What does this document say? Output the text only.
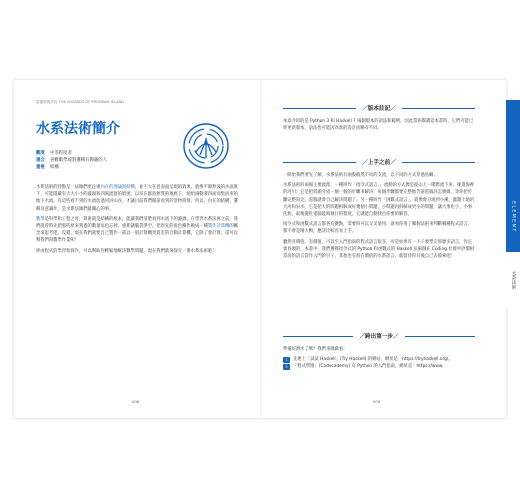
雷德蒙的法杖 THE WIZARDS OF PROGRAM ISLAND
水系法術簡介
難度	中等程度者
適合	喜歡數學或對邏輯有興趣的人
重視	結構

水系法術的特點是：法師們更注重內在的理論與結構，並不大在意表面呈現的效果。就像平靜無波的水面底下，可能隱藏有大大小小的漩渦和四處流竄的暗流；以及在群島無質的地底下，悄悄滴動著四面而集而來的地下水流。有這些看不到的水流幼過河洪山谷，才讓目前我們眼前看到的景物萌發。所以，內在的結構、邏輯及意識作，是水系法師們最關心的事。

數學是科學和工程之母，算術就是結構的根本，能讓我們清楚看到水流下的漩渦。在學習水系法術之前，我們就曾時先把那些原來熟悉的數量角色忘掉，重新讓腦袋淨空，把原先的角色操作換成一種製作計算機的概念來思考吧，沒錯，現在我們就要自己製作一部以一般計算機更寬室的自動計算機，它除了會計算，還可以幫我們寫數學作業呢！

經由程式的學習和寫作，可以幫助你輕鬆地解決數學問題。現在我們就來探究一番水系法術吧！

008
／版本註記／

本章介紹的是 Python 3 和 Haskell 7 兩個版本的語法和範例，因此當你閱讀這本書時，它們可能已經更新版本，語法也可能因為新的設計而略有不同。

／上手之前／

一開始我們要先了解，水系法術有兩股截然不同的支流，以不同的方式穿過島嶼。

水系法術的兩個主要流派：一種叫作「指令式語言」，流動的方式像是從山上一階階流下來，匯進海裡的河川；它是把問題分成一個一個的步驟來解決，每個步驟都要完整地告訴電腦該怎麼做，等你把步驟完整寫完，電腦就會自己解決問題了。另一種叫作「函數式語言」，就像會分流到小溪、灌溉土地的大河和泉水，它是把大的問題拆解成好幾個小問題，小問題再拆解成更小的問題，讓大事化小、小事化無，最後變化電腦能夠執行的程度，它就能自動找出你要的解答。

指令式和函數式語言都各有優點，需要時可以交叉使用，就看你用了哪個法術來判斷哪種程式語言，都不會是壞大鴨，應該比較容易上手。

雖然有價值，有價值，可以至入門指南的程式語言很多，可是如果有一下子要學完那麼多語言，肯定會昏頭的，本書中，我們選擇指令式的 Python 和函數式的 Haskell 法兩個在 Coding 社群中評價相當高的語言當作入門的引子，其他也有很有價值的水系語言，就留待你日後自己去摸索吧！

／跨出第一步／

準備好潛水了嗎？我們來做做看：

1	先連上「試試 Haskell」(Try Haskell) 的網站，網址是：https://tryhaskell.org/。
2	「程式學園」(Codecademy) 有 Python 的入門指南，網址是：https://www.
009
E L E M E N T
水系法術
